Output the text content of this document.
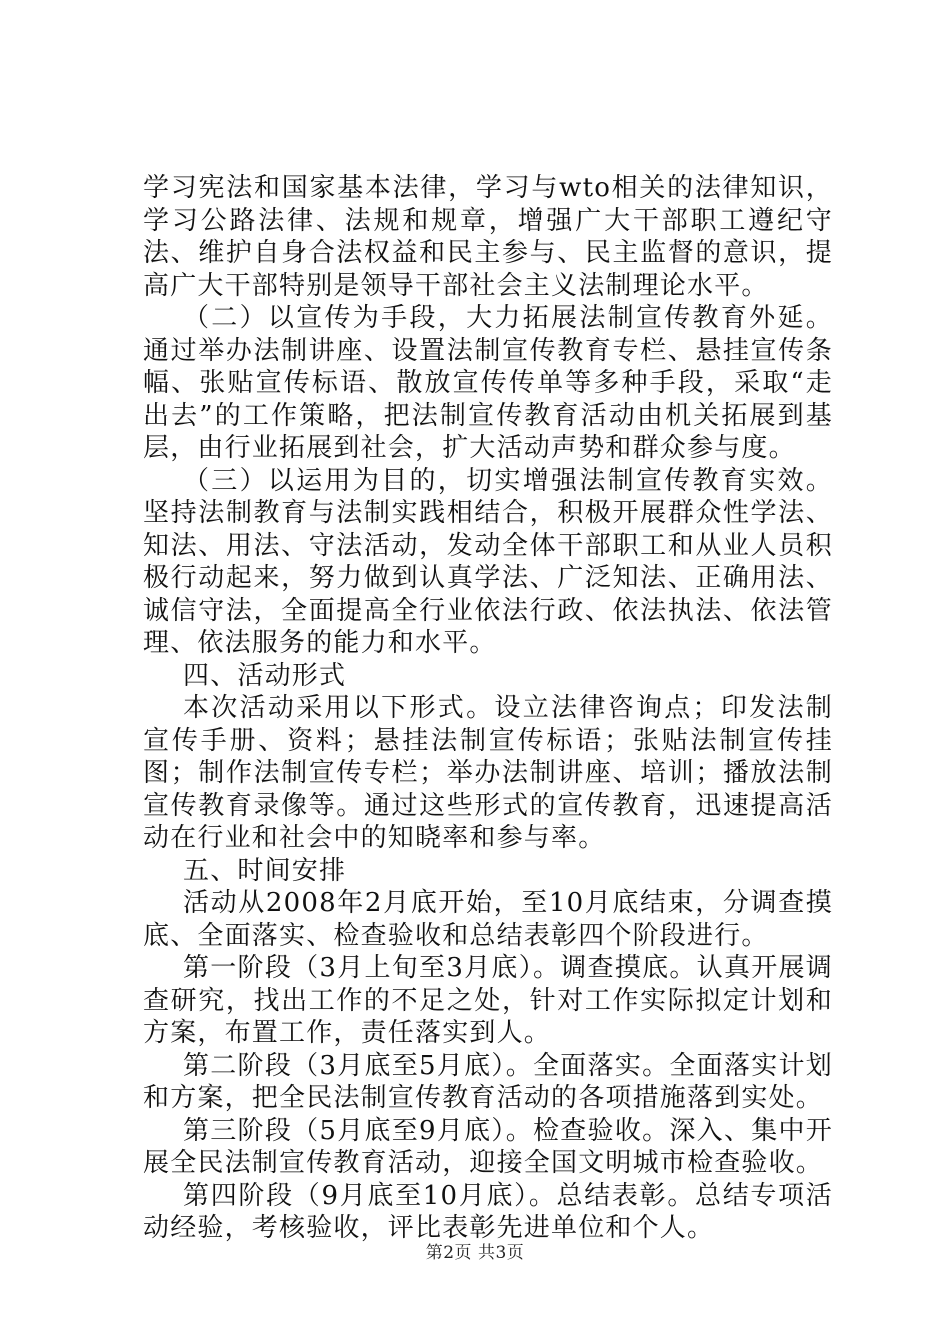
学习宪法和国家基本法律，学习与wto相关的法律知识，学习公路法律、法规和规章，增强广大干部职工遵纪守法、维护自身合法权益和民主参与、民主监督的意识，提高广大干部特别是领导干部社会主义法制理论水平。

（二）以宣传为手段，大力拓展法制宣传教育外延。通过举办法制讲座、设置法制宣传教育专栏、悬挂宣传条幅、张贴宣传标语、散放宣传传单等多种手段，采取“走出去”的工作策略，把法制宣传教育活动由机关拓展到基层，由行业拓展到社会，扩大活动声势和群众参与度。

（三）以运用为目的，切实增强法制宣传教育实效。坚持法制教育与法制实践相结合，积极开展群众性学法、知法、用法、守法活动，发动全体干部职工和从业人员积极行动起来，努力做到认真学法、广泛知法、正确用法、诚信守法，全面提高全行业依法行政、依法执法、依法管理、依法服务的能力和水平。

四、活动形式

本次活动采用以下形式。设立法律咨询点；印发法制宣传手册、资料；悬挂法制宣传标语；张贴法制宣传挂图；制作法制宣传专栏；举办法制讲座、培训；播放法制宣传教育录像等。通过这些形式的宣传教育，迅速提高活动在行业和社会中的知晓率和参与率。

五、时间安排

活动从2008年2月底开始，至10月底结束，分调查摸底、全面落实、检查验收和总结表彰四个阶段进行。

第一阶段（3月上旬至3月底）。调查摸底。认真开展调查研究，找出工作的不足之处，针对工作实际拟定计划和方案，布置工作，责任落实到人。

第二阶段（3月底至5月底）。全面落实。全面落实计划和方案，把全民法制宣传教育活动的各项措施落到实处。

第三阶段（5月底至9月底）。检查验收。深入、集中开展全民法制宣传教育活动，迎接全国文明城市检查验收。

第四阶段（9月底至10月底）。总结表彰。总结专项活动经验，考核验收，评比表彰先进单位和个人。

第2页 共3页
